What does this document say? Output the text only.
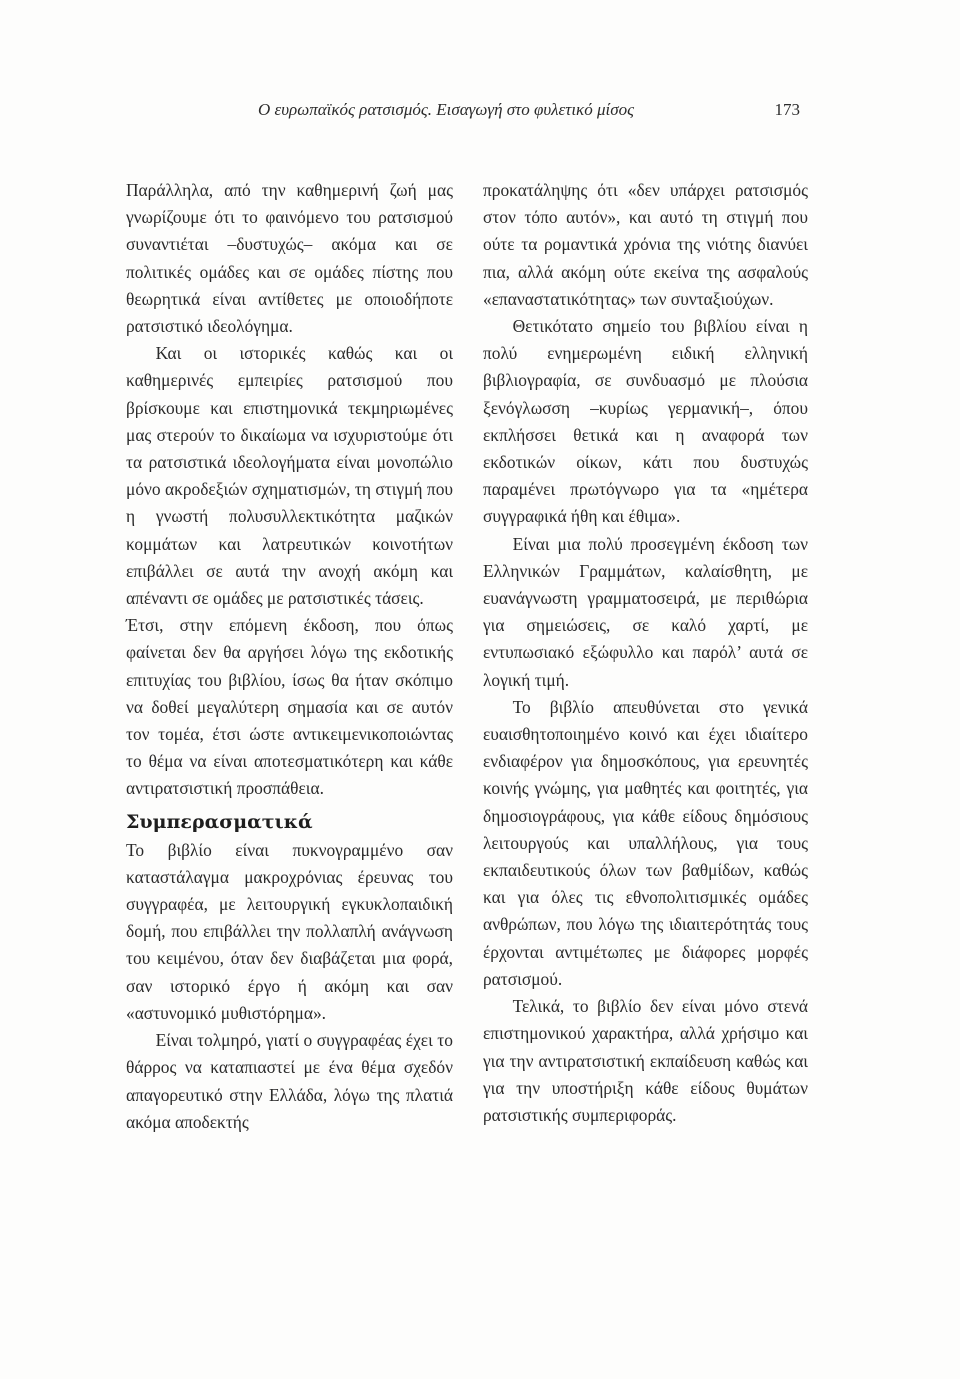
Ο ευρωπαϊκός ρατσισμός. Εισαγωγή στο φυλετικό μίσος	173

Παράλληλα, από την καθημερινή ζωή μας γνωρίζουμε ότι το φαινόμενο του ρατσισμού συναντιέται –δυστυχώς– ακόμα και σε πολιτικές ομάδες και σε ομάδες πίστης που θεωρητικά είναι αντίθετες με οποιοδήποτε ρατσιστικό ιδεολόγημα.

Και οι ιστορικές καθώς και οι καθημερινές εμπειρίες ρατσισμού που βρίσκουμε και επιστημονικά τεκμηριωμένες μας στερούν το δικαίωμα να ισχυριστούμε ότι τα ρατσιστικά ιδεολογήματα είναι μονοπώλιο μόνο ακροδεξιών σχηματισμών, τη στιγμή που η γνωστή πολυσυλλεκτικότητα μαζικών κομμάτων και λατρευτικών κοινοτήτων επιβάλλει σε αυτά την ανοχή ακόμη και απέναντι σε ομάδες με ρατσιστικές τάσεις.

Έτσι, στην επόμενη έκδοση, που όπως φαίνεται δεν θα αργήσει λόγω της εκδοτικής επιτυχίας του βιβλίου, ίσως θα ήταν σκόπιμο να δοθεί μεγαλύτερη σημασία και σε αυτόν τον τομέα, έτσι ώστε αντικειμενικοποιώντας το θέμα να είναι αποτεσματικότερη και κάθε αντιρατσιστική προσπάθεια.

Συμπερασματικά

Το βιβλίο είναι πυκνογραμμένο σαν καταστάλαγμα μακροχρόνιας έρευνας του συγγραφέα, με λειτουργική εγκυκλοπαιδική δομή, που επιβάλλει την πολλαπλή ανάγνωση του κειμένου, όταν δεν διαβάζεται μια φορά, σαν ιστορικό έργο ή ακόμη και σαν «αστυνομικό μυθιστόρημα».

Είναι τολμηρό, γιατί ο συγγραφέας έχει το θάρρος να καταπιαστεί με ένα θέμα σχεδόν απαγορευτικό στην Ελλάδα, λόγω της πλατιά ακόμα αποδεκτής

προκατάληψης ότι «δεν υπάρχει ρατσισμός στον τόπο αυτόν», και αυτό τη στιγμή που ούτε τα ρομαντικά χρόνια της νιότης διανύει πια, αλλά ακόμη ούτε εκείνα της ασφαλούς «επαναστατικότητας» των συνταξιούχων.

Θετικότατο σημείο του βιβλίου είναι η πολύ ενημερωμένη ειδική ελληνική βιβλιογραφία, σε συνδυασμό με πλούσια ξενόγλωσση –κυρίως γερμανική–, όπου εκπλήσσει θετικά και η αναφορά των εκδοτικών οίκων, κάτι που δυστυχώς παραμένει πρωτόγνωρο για τα «ημέτερα συγγραφικά ήθη και έθιμα».

Είναι μια πολύ προσεγμένη έκδοση των Ελληνικών Γραμμάτων, καλαίσθητη, με ευανάγνωστη γραμματοσειρά, με περιθώρια για σημειώσεις, σε καλό χαρτί, με εντυπωσιακό εξώφυλλο και παρόλ’ αυτά σε λογική τιμή.

Το βιβλίο απευθύνεται στο γενικά ευαισθητοποιημένο κοινό και έχει ιδιαίτερο ενδιαφέρον για δημοσκόπους, για ερευνητές κοινής γνώμης, για μαθητές και φοιτητές, για δημοσιογράφους, για κάθε είδους δημόσιους λειτουργούς και υπαλλήλους, για τους εκπαιδευτικούς όλων των βαθμίδων, καθώς και για όλες τις εθνοπολιτισμικές ομάδες ανθρώπων, που λόγω της ιδιαιτερότητάς τους έρχονται αντιμέτωπες με διάφορες μορφές ρατσισμού.

Τελικά, το βιβλίο δεν είναι μόνο στενά επιστημονικού χαρακτήρα, αλλά χρήσιμο και για την αντιρατσιστική εκπαίδευση καθώς και για την υποστήριξη κάθε είδους θυμάτων ρατσιστικής συμπεριφοράς.
